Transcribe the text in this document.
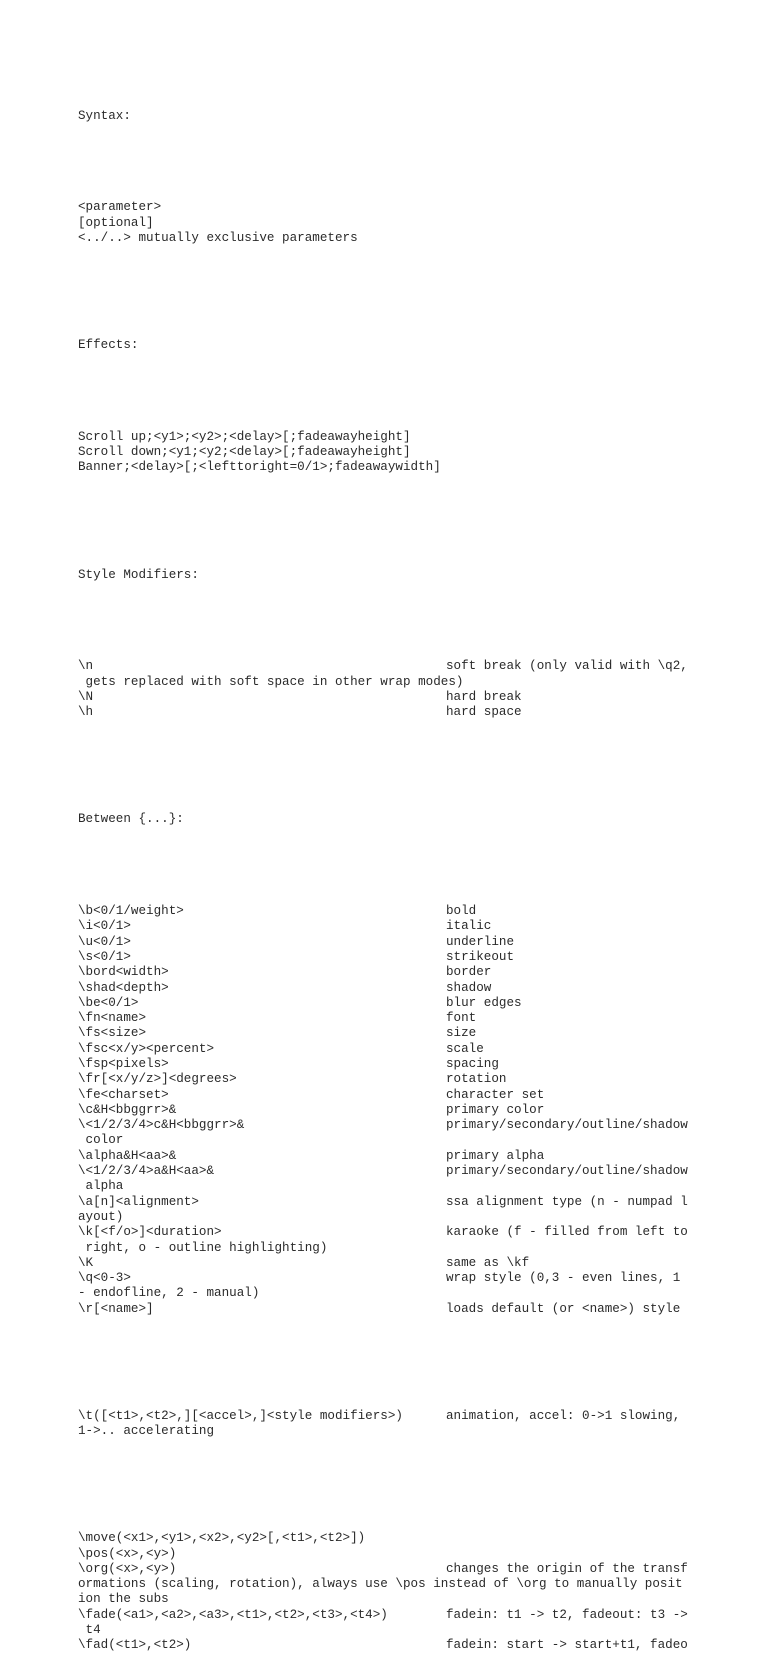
Syntax:

<parameter>
[optional]
<../..> mutually exclusive parameters

Effects:

Scroll up;<y1>;<y2>;<delay>[;fadeawayheight]
Scroll down;<y1;<y2;<delay>[;fadeawayheight]
Banner;<delay>[;<lefttoright=0/1>;fadeawaywidth]

Style Modifiers:

\n	soft break (only valid with \q2,
gets replaced with soft space in other wrap modes)
\N	hard break
\h	hard space

Between {...}:

\b<0/1/weight>	bold
\i<0/1>	italic
\u<0/1>	underline
\s<0/1>	strikeout
\bord<width>	border
\shad<depth>	shadow
\be<0/1>	blur edges
\fn<name>	font
\fs<size>	size
\fsc<x/y><percent>	scale
\fsp<pixels>	spacing
\fr[<x/y/z>]<degrees>	rotation
\fe<charset>	character set
\c&H<bbggrr>&	primary color
\<1/2/3/4>c&H<bbggrr>&	primary/secondary/outline/shadow
color
\alpha&H<aa>&	primary alpha
\<1/2/3/4>a&H<aa>&	primary/secondary/outline/shadow
alpha
\a[n]<alignment>	ssa alignment type (n - numpad l
ayout)
\k[<f/o>]<duration>	karaoke (f - filled from left to
right, o - outline highlighting)
\K	same as \kf
\q<0-3>	wrap style (0,3 - even lines, 1
- endofline, 2 - manual)
\r[<name>]	loads default (or <name>) style

\t([<t1>,<t2>,][<accel>,]<style modifiers>)	animation, accel: 0->1 slowing,
1->.. accelerating

\move(<x1>,<y1>,<x2>,<y2>[,<t1>,<t2>])
\pos(<x>,<y>)
\org(<x>,<y>)	changes the origin of the transf
ormations (scaling, rotation), always use \pos instead of \org to manually posit
ion the subs
\fade(<a1>,<a2>,<a3>,<t1>,<t2>,<t3>,<t4>)	fadein: t1 -> t2, fadeout: t3 ->
t4
\fad(<t1>,<t2>)	fadein: start -> start+t1, fadeo
